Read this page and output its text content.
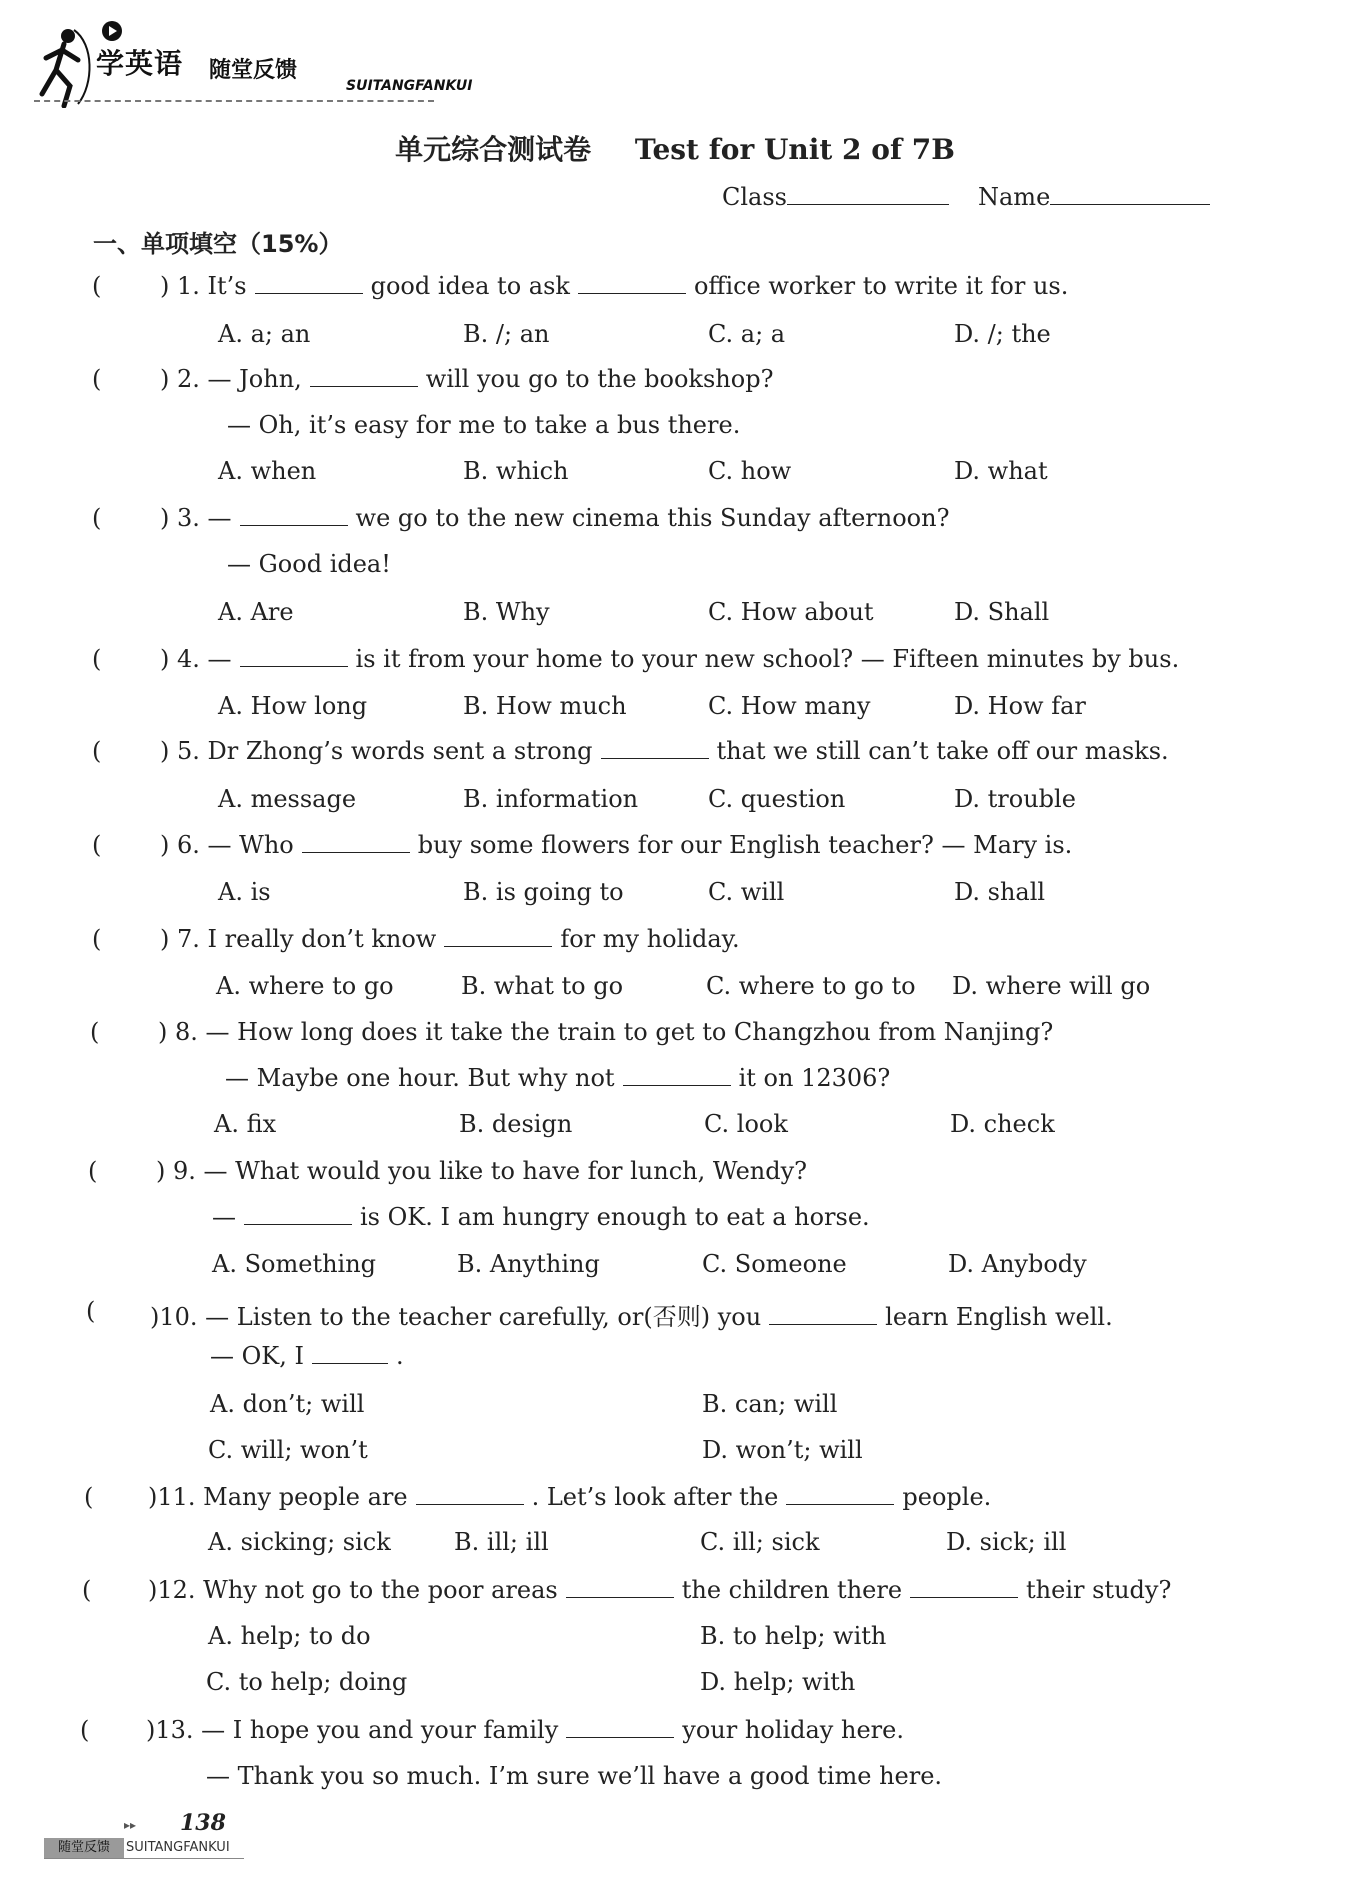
学英语 随堂反馈
SUITANGFANKUI
单元综合测试卷 Test for Unit 2 of 7B
Class	Name
一、单项填空（15%）
( ) 1. It’s	good idea to ask	office worker to write it for us.
A. a; an	B. /; an	C. a; a	D. /; the
( ) 2. — John,	will you go to the bookshop?
— Oh, it’s easy for me to take a bus there.
A. when	B. which	C. how	D. what
( ) 3. —	we go to the new cinema this Sunday afternoon?
— Good idea!
A. Are	B. Why	C. How about	D. Shall
( ) 4. —	is it from your home to your new school? — Fifteen minutes by bus.
A. How long	B. How much	C. How many	D. How far
( ) 5. Dr Zhong’s words sent a strong	that we still can’t take off our masks.
A. message	B. information	C. question	D. trouble
( ) 6. — Who	buy some flowers for our English teacher? — Mary is.
A. is	B. is going to	C. will	D. shall
( ) 7. I really don’t know	for my holiday.
A. where to go	B. what to go	C. where to go to D. where will go
( ) 8. — How long does it take the train to get to Changzhou from Nanjing?
— Maybe one hour. But why not	it on 12306?
A. fix	B. design	C. look	D. check
( ) 9. — What would you like to have for lunch, Wendy?
—	is OK. I am hungry enough to eat a horse.
A. Something	B. Anything	C. Someone	D. Anybody
( )10. — Listen to the teacher carefully, or(否则) you	learn English well.
— OK, I	.
A. don’t; will	B. can; will
C. will; won’t	D. won’t; will
( )11. Many people are	. Let’s look after the	people.
A. sicking; sick	B. ill; ill	C. ill; sick	D. sick; ill
( )12. Why not go to the poor areas	the children there	their study?
A. help; to do	B. to help; with
C. to help; doing	D. help; with
( )13. — I hope you and your family	your holiday here.
— Thank you so much. I’m sure we’ll have a good time here.
▸▸ 138
随堂反馈	SUITANGFANKUI
